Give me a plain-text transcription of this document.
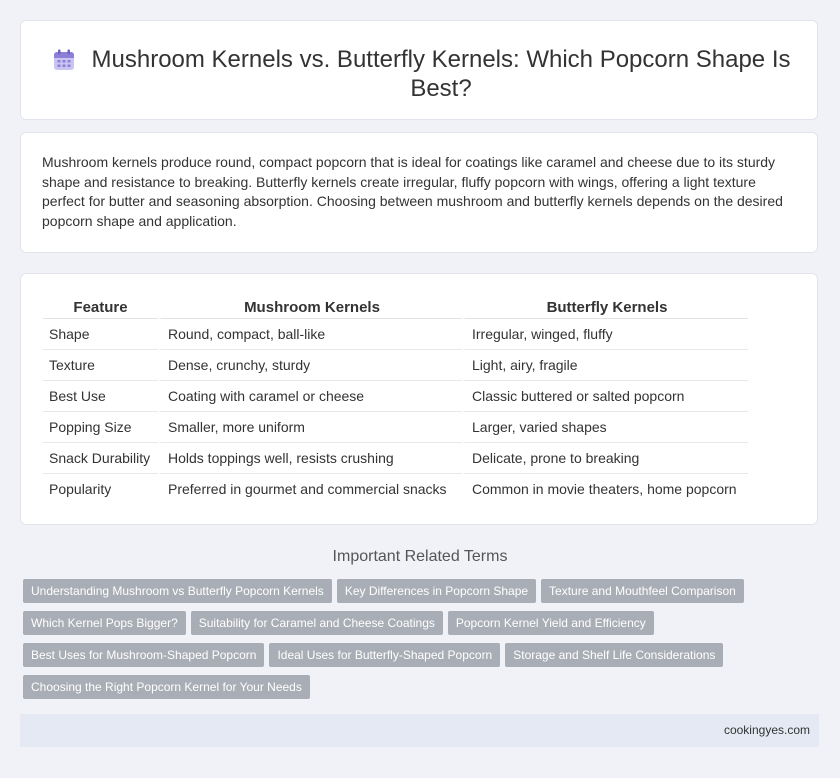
Mushroom Kernels vs. Butterfly Kernels: Which Popcorn Shape Is Best?

Mushroom kernels produce round, compact popcorn that is ideal for coatings like caramel and cheese due to its sturdy shape and resistance to breaking. Butterfly kernels create irregular, fluffy popcorn with wings, offering a light texture perfect for butter and seasoning absorption. Choosing between mushroom and butterfly kernels depends on the desired popcorn shape and application.

Feature	Mushroom Kernels	Butterfly Kernels
Shape	Round, compact, ball-like	Irregular, winged, fluffy
Texture	Dense, crunchy, sturdy	Light, airy, fragile
Best Use	Coating with caramel or cheese	Classic buttered or salted popcorn
Popping Size	Smaller, more uniform	Larger, varied shapes
Snack Durability	Holds toppings well, resists crushing	Delicate, prone to breaking
Popularity	Preferred in gourmet and commercial snacks	Common in movie theaters, home popcorn
Important Related Terms
Understanding Mushroom vs Butterfly Popcorn Kernels Key Differences in Popcorn Shape Texture and Mouthfeel Comparison
Which Kernel Pops Bigger? Suitability for Caramel and Cheese Coatings Popcorn Kernel Yield and Efficiency
Best Uses for Mushroom-Shaped Popcorn Ideal Uses for Butterfly-Shaped Popcorn Storage and Shelf Life Considerations
Choosing the Right Popcorn Kernel for Your Needs
cookingyes.com
